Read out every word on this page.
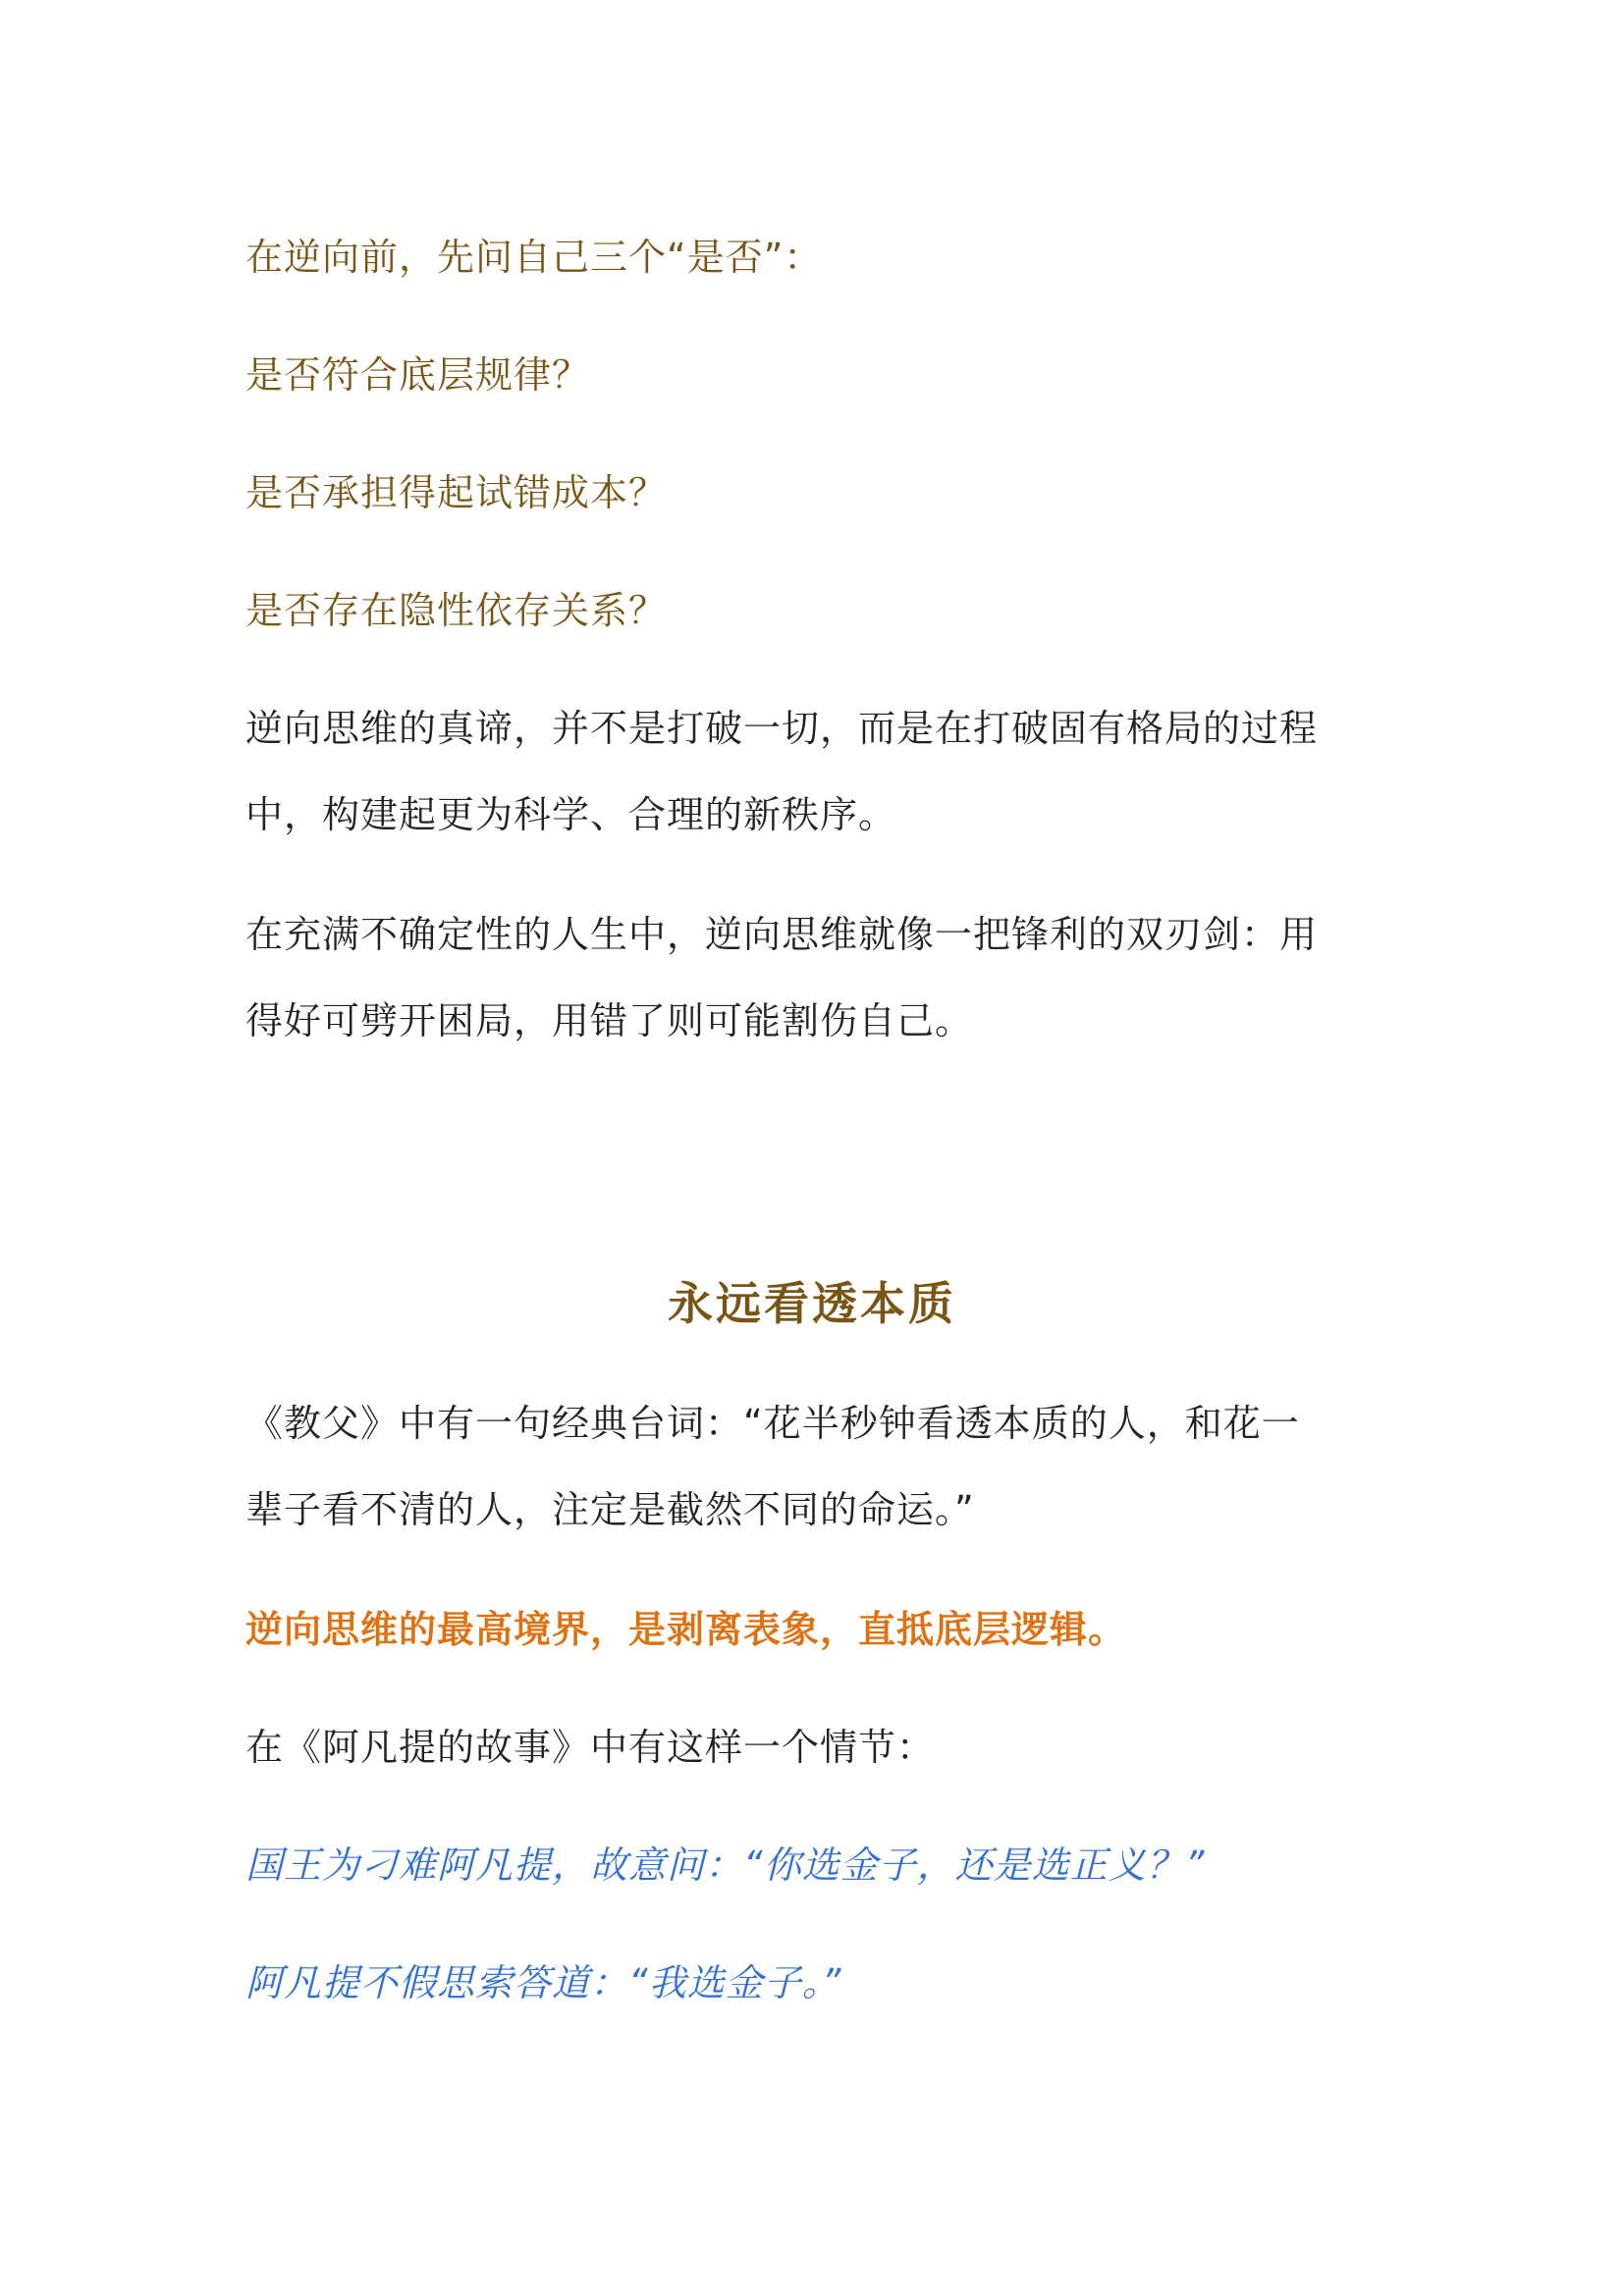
在逆向前，先问自己三个“是否”：
是否符合底层规律？
是否承担得起试错成本？
是否存在隐性依存关系？
逆向思维的真谛，并不是打破一切，而是在打破固有格局的过程
中，构建起更为科学、合理的新秩序。
在充满不确定性的人生中，逆向思维就像一把锋利的双刃剑：用
得好可劈开困局，用错了则可能割伤自己。
永远看透本质
《教父》中有一句经典台词：“花半秒钟看透本质的人，和花一
辈子看不清的人，注定是截然不同的命运。”
逆向思维的最高境界，是剥离表象，直抵底层逻辑。
在《阿凡提的故事》中有这样一个情节：
国王为刁难阿凡提，故意问：“你选金子，还是选正义？”
阿凡提不假思索答道：“我选金子。”
